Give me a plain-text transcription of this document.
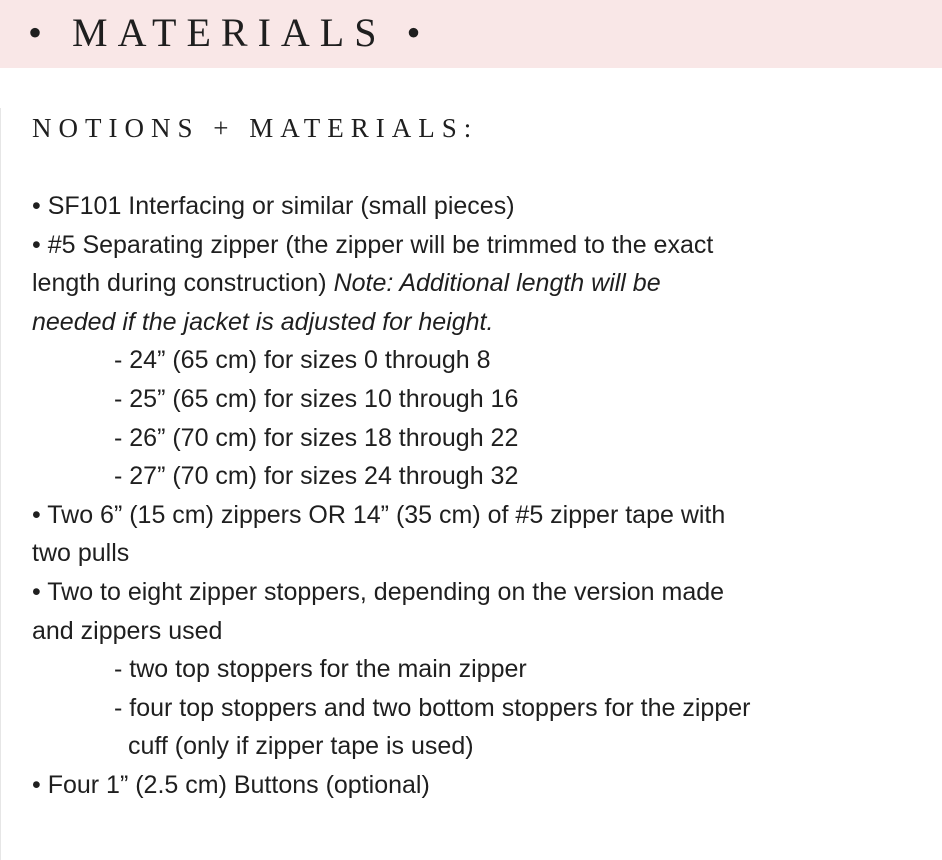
• MATERIALS •
NOTIONS + MATERIALS:
• SF101 Interfacing or similar (small pieces)
• #5 Separating zipper (the zipper will be trimmed to the exact
length during construction) Note: Additional length will be
needed if the jacket is adjusted for height.
- 24” (65 cm) for sizes 0 through 8
- 25” (65 cm) for sizes 10 through 16
- 26” (70 cm) for sizes 18 through 22
- 27” (70 cm) for sizes 24 through 32
• Two 6” (15 cm) zippers OR 14” (35 cm) of #5 zipper tape with
two pulls
• Two to eight zipper stoppers, depending on the version made
and zippers used
- two top stoppers for the main zipper
- four top stoppers and two bottom stoppers for the zipper
cuff (only if zipper tape is used)
• Four 1” (2.5 cm) Buttons (optional)
